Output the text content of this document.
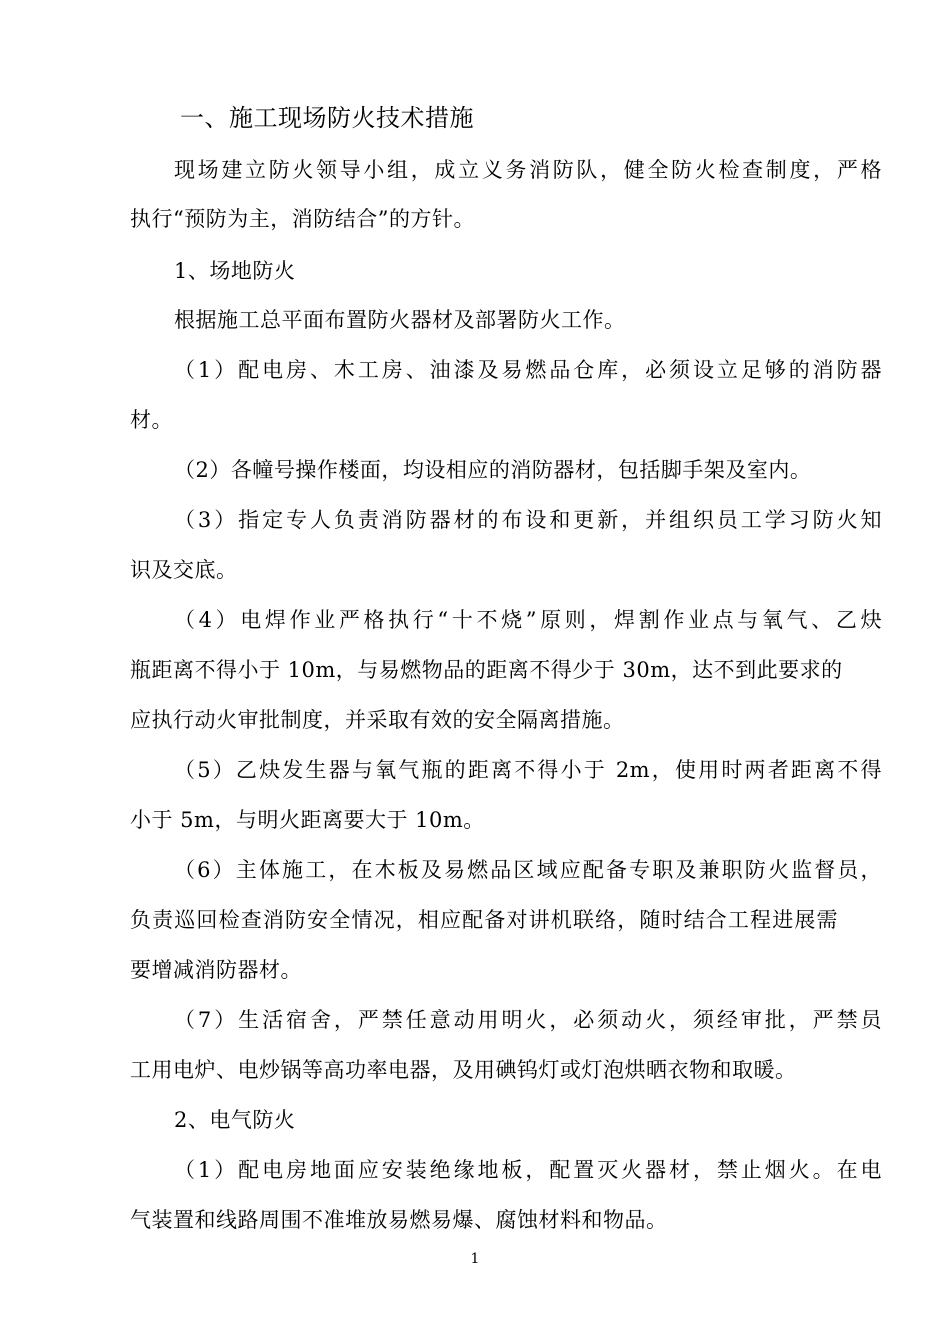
一、施工现场防火技术措施
现场建立防火领导小组，成立义务消防队，健全防火检查制度，严格
执行“预防为主，消防结合”的方针。
1、场地防火
根据施工总平面布置防火器材及部署防火工作。
（1）配电房、木工房、油漆及易燃品仓库，必须设立足够的消防器
材。
（2）各幢号操作楼面，均设相应的消防器材，包括脚手架及室内。
（3）指定专人负责消防器材的布设和更新，并组织员工学习防火知
识及交底。
（4）电焊作业严格执行“十不烧”原则，焊割作业点与氧气、乙炔
瓶距离不得小于 10m，与易燃物品的距离不得少于 30m，达不到此要求的
应执行动火审批制度，并采取有效的安全隔离措施。
（5）乙炔发生器与氧气瓶的距离不得小于 2m，使用时两者距离不得
小于 5m，与明火距离要大于 10m。
（6）主体施工，在木板及易燃品区域应配备专职及兼职防火监督员，
负责巡回检查消防安全情况，相应配备对讲机联络，随时结合工程进展需
要增减消防器材。
（7）生活宿舍，严禁任意动用明火，必须动火，须经审批，严禁员
工用电炉、电炒锅等高功率电器，及用碘钨灯或灯泡烘晒衣物和取暖。
2、电气防火
（1）配电房地面应安装绝缘地板，配置灭火器材，禁止烟火。在电
气装置和线路周围不准堆放易燃易爆、腐蚀材料和物品。
1
